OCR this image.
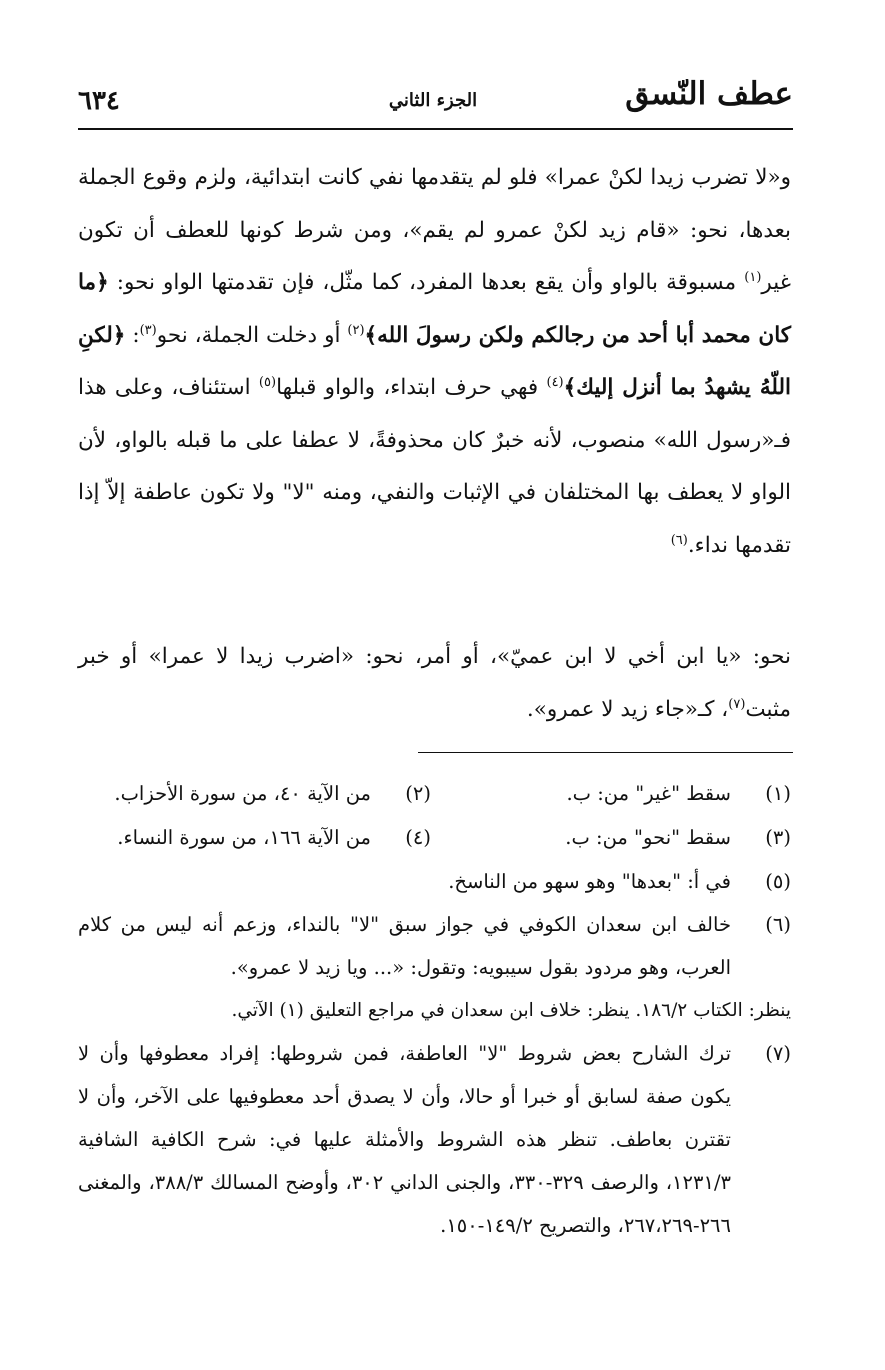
عطف النّسق
الجزء الثاني
٦٣٤

و«لا تضرب زيدا لكنْ عمرا» فلو لم يتقدمها نفي كانت ابتدائية، ولزم وقوع الجملة بعدها، نحو: «قام زيد لكنْ عمرو لم يقم»، ومن شرط كونها للعطف أن تكون غير$^{(١)}$ مسبوقة بالواو وأن يقع بعدها المفرد، كما مثّل، فإن تقدمتها الواو نحو: ﴿ما كان محمد أبا أحد من رجالكم ولكن رسولَ الله﴾$^{(٢)}$ أو دخلت الجملة، نحو$^{(٣)}$: ﴿لكنِ اللّهُ يشهدُ بما أنزل إليك﴾$^{(٤)}$ فهي حرف ابتداء، والواو قبلها$^{(٥)}$ استئناف، وعلى هذا فـ«رسول الله» منصوب، لأنه خبرٌ كان محذوفةً، لا عطفا على ما قبله بالواو، لأن الواو لا يعطف بها المختلفان في الإثبات والنفي، ومنه "لا" ولا تكون عاطفة إلاّ إذا تقدمها نداء.$^{(٦)}$

نحو: «يا ابن أخي لا ابن عميّ»، أو أمر، نحو: «اضرب زيدا لا عمرا» أو خبر مثبت$^{(٧)}$، كـ«جاء زيد لا عمرو».

(١)
سقط "غير" من: ب.
(٢)
من الآية ٤٠، من سورة الأحزاب.
(٣)
سقط "نحو" من: ب.
(٤)
من الآية ١٦٦، من سورة النساء.
(٥)
في أ: "بعدها" وهو سهو من الناسخ.
(٦)
خالف ابن سعدان الكوفي في جواز سبق "لا" بالنداء، وزعم أنه ليس من كلام العرب، وهو مردود بقول سيبويه: وتقول: «... ويا زيد لا عمرو».

ينظر: الكتاب ١٨٦/٢. ينظر: خلاف ابن سعدان في مراجع التعليق (١) الآتي.

(٧)
ترك الشارح بعض شروط "لا" العاطفة، فمن شروطها: إفراد معطوفها وأن لا يكون صفة لسابق أو خبرا أو حالا، وأن لا يصدق أحد معطوفيها على الآخر، وأن لا تقترن بعاطف. تنظر هذه الشروط والأمثلة عليها في: شرح الكافية الشافية ١٢٣١/٣، والرصف ٣٢٩-٣٣٠، والجنى الداني ٣٠٢، وأوضح المسالك ٣٨٨/٣، والمغنى ٢٦٦-٢٦٧،٢٦٩، والتصريح ١٤٩/٢-١٥٠.
